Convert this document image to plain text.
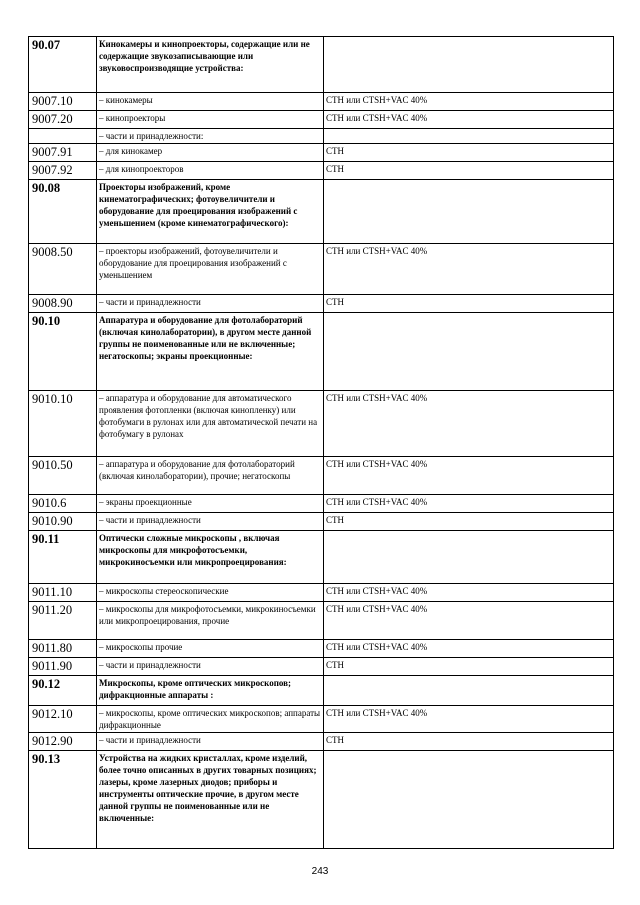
90.07	Кинокамеры и кинопроекторы, содержащие или не содержащие звукозаписывающие или звуковоспроизводящие устройства:	
9007.10	– кинокамеры	СТН или CTSH+VAC 40%
9007.20	– кинопроекторы	СТН или CTSH+VAC 40%
	– части и принадлежности:	
9007.91	– для кинокамер	СТН
9007.92	– для кинопроекторов	СТН
90.08	Проекторы изображений, кроме кинематографических; фотоувеличители и оборудование для проецирования изображений с уменьшением (кроме кинематографического):	
9008.50	– проекторы изображений, фотоувеличители и оборудование для проецирования изображений с уменьшением	СТН или CTSH+VAC 40%
9008.90	– части и принадлежности	СТН
90.10	Аппаратура и оборудование для фотолабораторий (включая кинолаборатории), в другом месте данной группы не поименованные или не включенные; негатоскопы; экраны проекционные:	
9010.10	– аппаратура и оборудование для автоматического проявления фотопленки (включая кинопленку) или фотобумаги в рулонах или для автоматической печати на фотобумагу в рулонах	СТН или CTSH+VAC 40%
9010.50	– аппаратура и оборудование для фотолабораторий (включая кинолаборатории), прочие; негатоскопы	СТН или CTSH+VAC 40%
9010.6	– экраны проекционные	СТН или CTSH+VAC 40%
9010.90	– части и принадлежности	СТН
90.11	Оптически сложные микроскопы , включая микроскопы для микрофотосъемки, микрокиносъемки или микропроецирования:	
9011.10	– микроскопы стереоскопические	СТН или CTSH+VAC 40%
9011.20	– микроскопы для микрофотосъемки, микрокиносъемки или микропроецирования, прочие	СТН или CTSH+VAC 40%
9011.80	– микроскопы прочие	СТН или CTSH+VAC 40%
9011.90	– части и принадлежности	СТН
90.12	Микроскопы, кроме оптических микроскопов; дифракционные аппараты :	
9012.10	– микроскопы, кроме оптических микроскопов; аппараты дифракционные	СТН или CTSH+VAC 40%
9012.90	– части и принадлежности	СТН
90.13	Устройства на жидких кристаллах, кроме изделий, более точно описанных в других товарных позициях; лазеры, кроме лазерных диодов; приборы и инструменты оптические прочие, в другом месте данной группы не поименованные или не включенные:	
243
